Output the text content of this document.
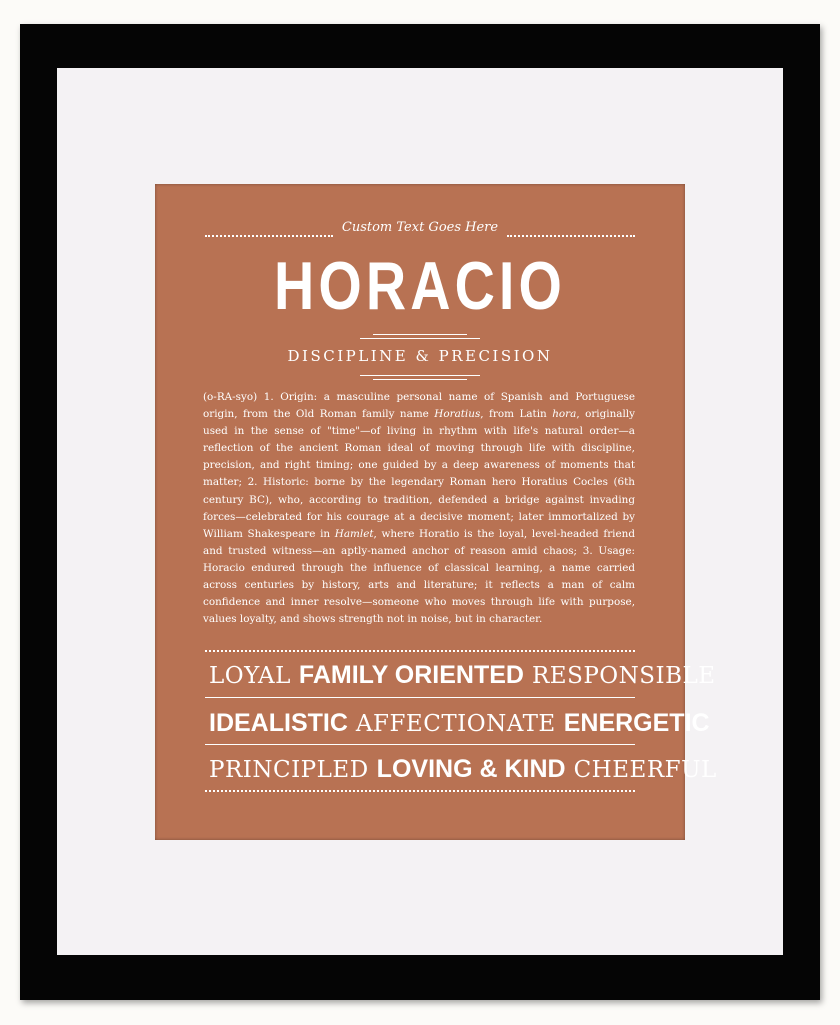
Custom Text Goes Here
HORACIO
DISCIPLINE & PRECISION
(o-RA-syo) 1. Origin: a masculine personal name of Spanish and Portuguese origin, from the Old Roman family name Horatius, from Latin hora, originally used in the sense of "time"—of living in rhythm with life's natural order—a reflection of the ancient Roman ideal of moving through life with discipline, precision, and right timing; one guided by a deep awareness of moments that matter; 2. Historic: borne by the legendary Roman hero Horatius Cocles (6th century BC), who, according to tradition, defended a bridge against invading forces—celebrated for his courage at a decisive moment; later immortalized by William Shakespeare in Hamlet, where Horatio is the loyal, level-headed friend and trusted witness—an aptly-named anchor of reason amid chaos; 3. Usage: Horacio endured through the influence of classical learning, a name carried across centuries by history, arts and literature; it reflects a man of calm confidence and inner resolve—someone who moves through life with purpose, values loyalty, and shows strength not in noise, but in character.
LOYAL FAMILY ORIENTED RESPONSIBLE
IDEALISTIC AFFECTIONATE ENERGETIC
PRINCIPLED LOVING & KIND CHEERFUL
